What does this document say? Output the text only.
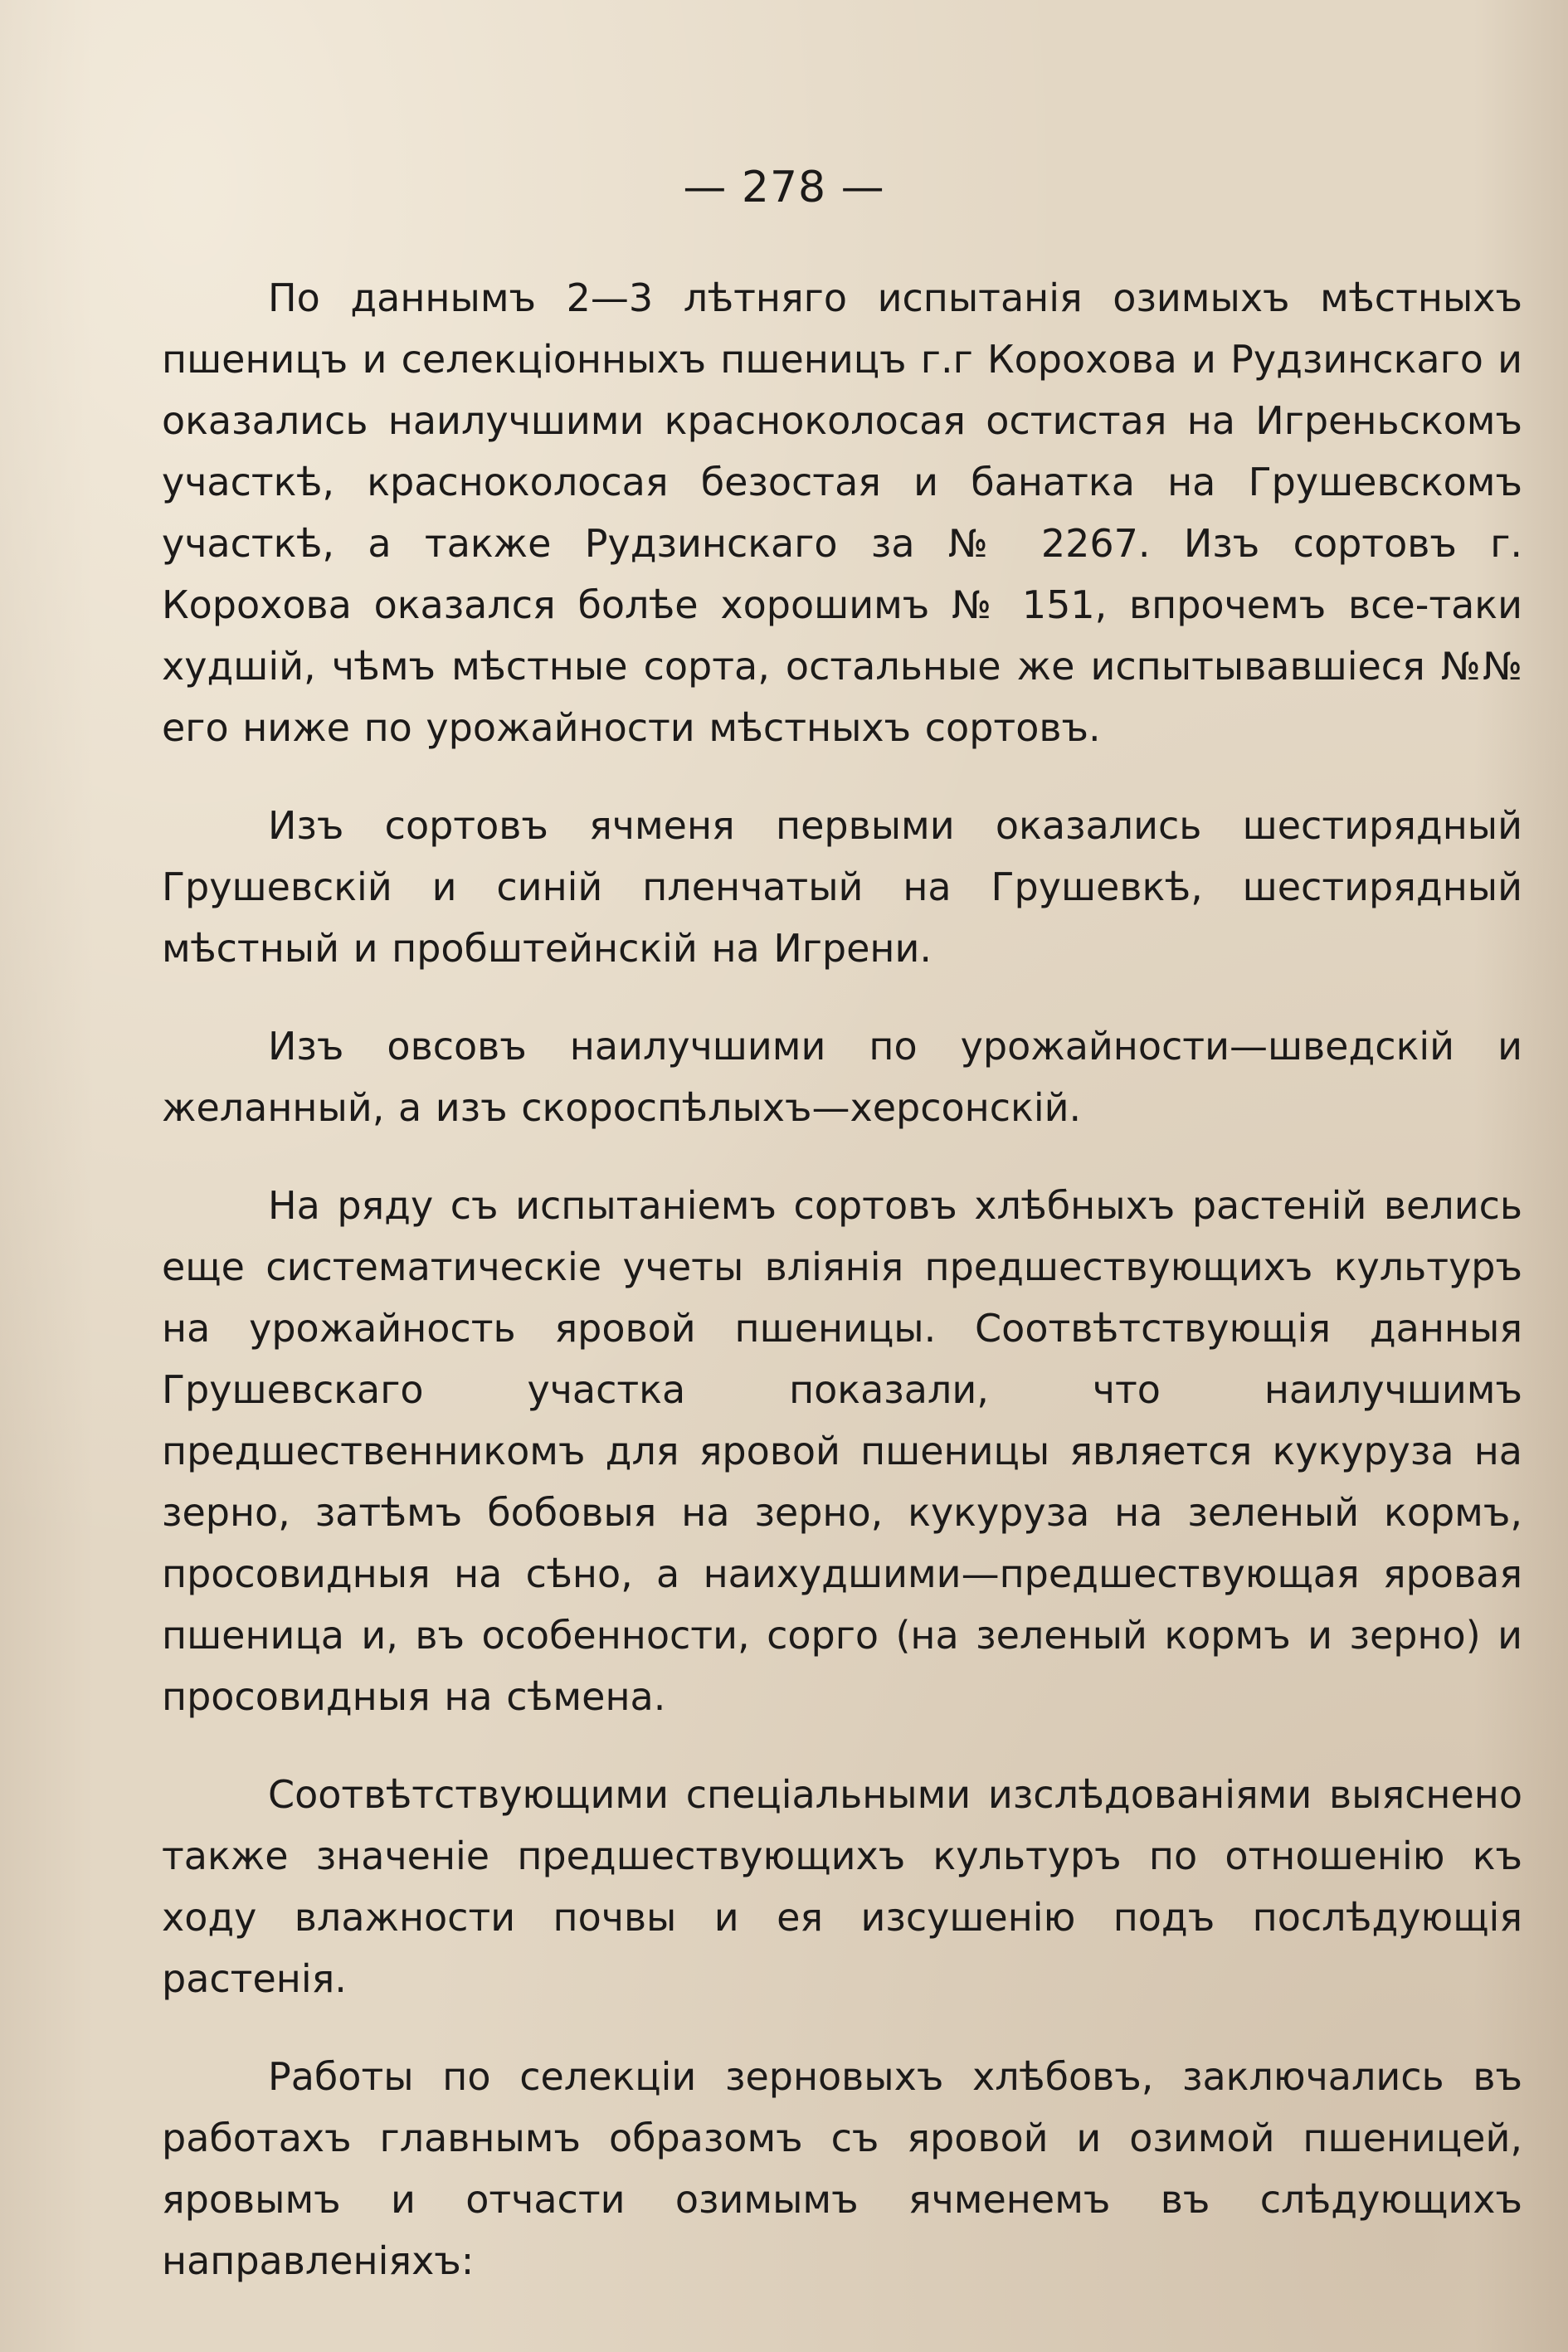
— 278 —

По даннымъ 2—3 лѣтняго испытанія озимыхъ мѣстныхъ пшеницъ и селекціонныхъ пшеницъ г.г Корохова и Рудзинскаго и оказались наилучшими красноколосая остистая на Игреньскомъ участкѣ, красноколосая безостая и банатка на Грушевскомъ участкѣ, а также Рудзинскаго за № 2267. Изъ сортовъ г. Корохова оказался болѣе хорошимъ № 151, впрочемъ все-таки худшій, чѣмъ мѣстные сорта, остальные же испытывавшіеся №№ его ниже по урожайности мѣстныхъ сортовъ.

Изъ сортовъ ячменя первыми оказались шестирядный Грушевскій и синій пленчатый на Грушевкѣ, шестирядный мѣстный и пробштейнскій на Игрени.

Изъ овсовъ наилучшими по урожайности—шведскій и желанный, а изъ скороспѣлыхъ—херсонскій.

На ряду съ испытаніемъ сортовъ хлѣбныхъ растеній велись еще систематическіе учеты вліянія предшествующихъ культуръ на урожайность яровой пшеницы. Соотвѣтствующія данныя Грушевскаго участка показали, что наилучшимъ предшественникомъ для яровой пшеницы является кукуруза на зерно, затѣмъ бобовыя на зерно, кукуруза на зеленый кормъ, просовидныя на сѣно, а наихудшими—предшествующая яровая пшеница и, въ особенности, сорго (на зеленый кормъ и зерно) и просовидныя на сѣмена.

Соотвѣтствующими спеціальными изслѣдованіями выяснено также значеніе предшествующихъ культуръ по отношенію къ ходу влажности почвы и ея изсушенію подъ послѣдующія растенія.

Работы по селекціи зерновыхъ хлѣбовъ, заключались въ работахъ главнымъ образомъ съ яровой и озимой пшеницей, яровымъ и отчасти озимымъ ячменемъ въ слѣдующихъ направленіяхъ:
